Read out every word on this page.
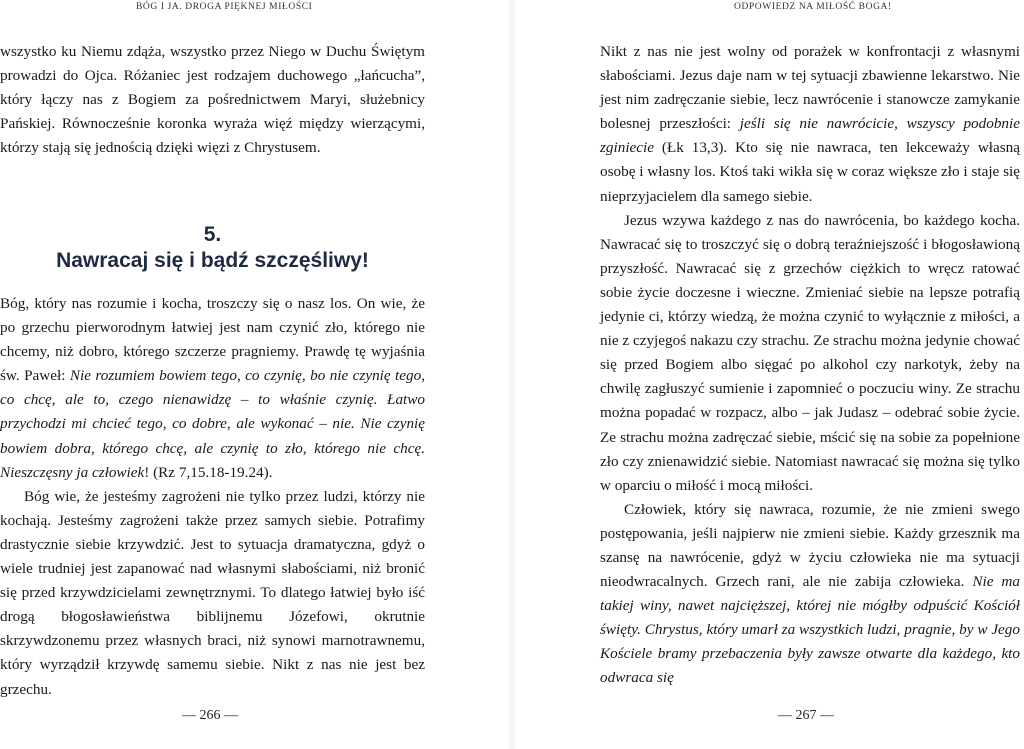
BÓG I JA. DROGA PIĘKNEJ MIŁOŚCI

wszystko ku Niemu zdąża, wszystko przez Niego w Duchu Świętym prowadzi do Ojca. Różaniec jest rodzajem duchowego „łańcucha”, który łączy nas z Bogiem za pośrednictwem Maryi, służebnicy Pańskiej. Równocześnie koronka wyraża więź między wierzącymi, którzy stają się jednością dzięki więzi z Chrystusem.

5.
Nawracaj się i bądź szczęśliwy!

Bóg, który nas rozumie i kocha, troszczy się o nasz los. On wie, że po grzechu pierworodnym łatwiej jest nam czynić zło, którego nie chcemy, niż dobro, którego szczerze pragniemy. Prawdę tę wyjaśnia św. Paweł: Nie rozumiem bowiem tego, co czynię, bo nie czynię tego, co chcę, ale to, czego nienawidzę – to właśnie czynię. Łatwo przychodzi mi chcieć tego, co dobre, ale wykonać – nie. Nie czynię bowiem dobra, którego chcę, ale czynię to zło, którego nie chcę. Nieszczęsny ja człowiek! (Rz 7,15.18-19.24).

Bóg wie, że jesteśmy zagrożeni nie tylko przez ludzi, którzy nie kochają. Jesteśmy zagrożeni także przez samych siebie. Potrafimy drastycznie siebie krzywdzić. Jest to sytuacja dramatyczna, gdyż o wiele trudniej jest zapanować nad własnymi słabościami, niż bronić się przed krzywdzicielami zewnętrznymi. To dlatego łatwiej było iść drogą błogosławieństwa biblijnemu Józefowi, okrutnie skrzywdzonemu przez własnych braci, niż synowi marnotrawnemu, który wyrządził krzywdę samemu siebie. Nikt z nas nie jest bez grzechu.

— 266 —
ODPOWIEDZ NA MIŁOŚĆ BOGA!

Nikt z nas nie jest wolny od porażek w konfrontacji z własnymi słabościami. Jezus daje nam w tej sytuacji zbawienne lekarstwo. Nie jest nim zadręczanie siebie, lecz nawrócenie i stanowcze zamykanie bolesnej przeszłości: jeśli się nie nawrócicie, wszyscy podobnie zginiecie (Łk 13,3). Kto się nie nawraca, ten lekceważy własną osobę i własny los. Ktoś taki wikła się w coraz większe zło i staje się nieprzyjacielem dla samego siebie.

Jezus wzywa każdego z nas do nawrócenia, bo każdego kocha. Nawracać się to troszczyć się o dobrą teraźniejszość i błogosławioną przyszłość. Nawracać się z grzechów ciężkich to wręcz ratować sobie życie doczesne i wieczne. Zmieniać siebie na lepsze potrafią jedynie ci, którzy wiedzą, że można czynić to wyłącznie z miłości, a nie z czyjegoś nakazu czy strachu. Ze strachu można jedynie chować się przed Bogiem albo sięgać po alkohol czy narkotyk, żeby na chwilę zagłuszyć sumienie i zapomnieć o poczuciu winy. Ze strachu można popadać w rozpacz, albo – jak Judasz – odebrać sobie życie. Ze strachu można zadręczać siebie, mścić się na sobie za popełnione zło czy znienawidzić siebie. Natomiast nawracać się można się tylko w oparciu o miłość i mocą miłości.

Człowiek, który się nawraca, rozumie, że nie zmieni swego postępowania, jeśli najpierw nie zmieni siebie. Każdy grzesznik ma szansę na nawrócenie, gdyż w życiu człowieka nie ma sytuacji nieodwracalnych. Grzech rani, ale nie zabija człowieka. Nie ma takiej winy, nawet najcięższej, której nie mógłby odpuścić Kościół święty. Chrystus, który umarł za wszystkich ludzi, pragnie, by w Jego Kościele bramy przebaczenia były zawsze otwarte dla każdego, kto odwraca się

— 267 —
